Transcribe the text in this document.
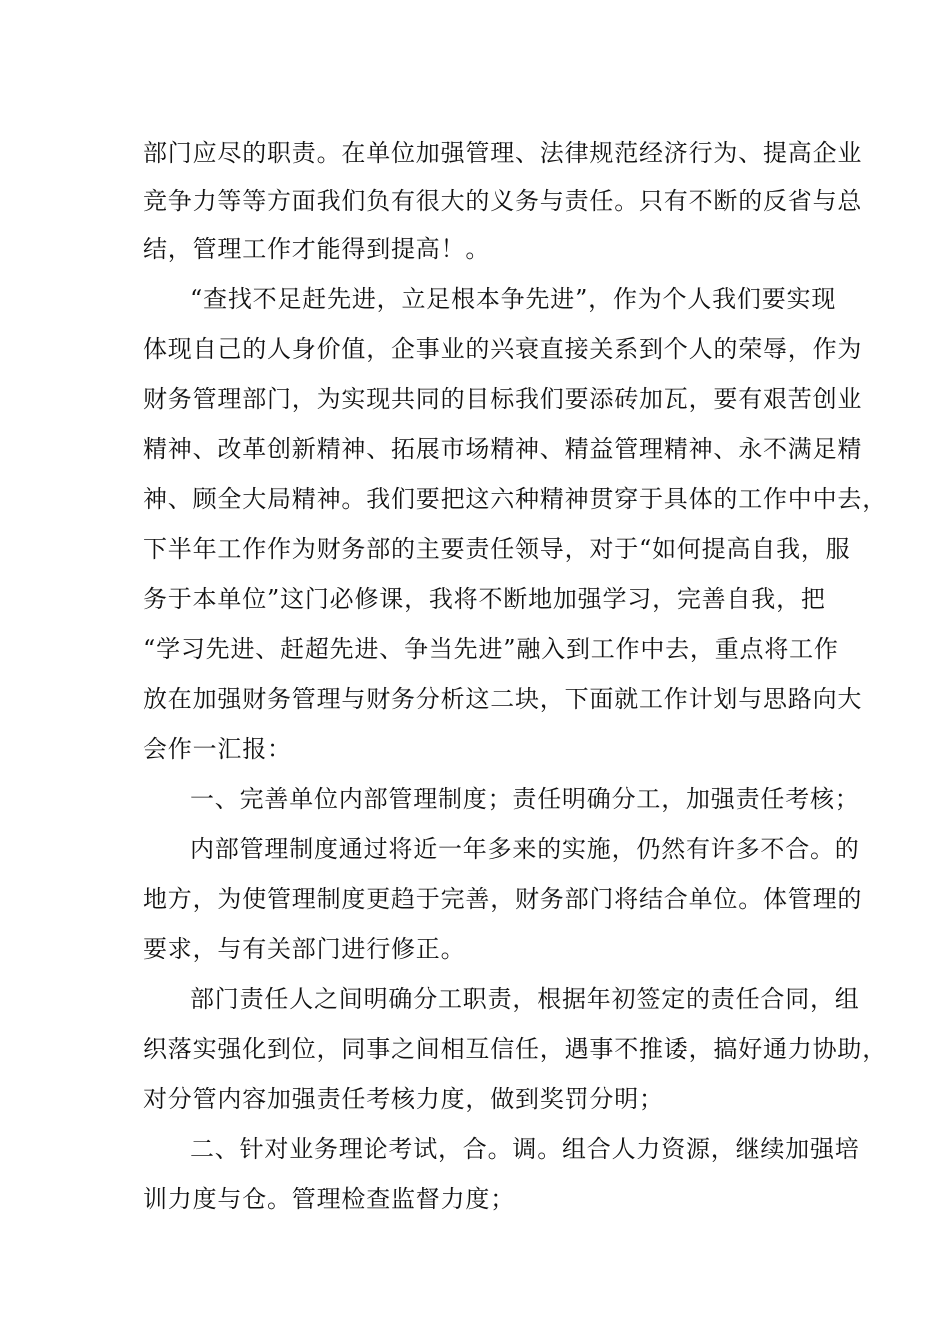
部门应尽的职责。在单位加强管理、法律规范经济行为、提高企业
竞争力等等方面我们负有很大的义务与责任。只有不断的反省与总
结，管理工作才能得到提高！。
“查找不足赶先进，立足根本争先进”，作为个人我们要实现
体现自己的人身价值，企事业的兴衰直接关系到个人的荣辱，作为
财务管理部门，为实现共同的目标我们要添砖加瓦，要有艰苦创业
精神、改革创新精神、拓展市场精神、精益管理精神、永不满足精
神、顾全大局精神。我们要把这六种精神贯穿于具体的工作中中去，
下半年工作作为财务部的主要责任领导，对于“如何提高自我，服
务于本单位”这门必修课，我将不断地加强学习，完善自我，把
“学习先进、赶超先进、争当先进”融入到工作中去，重点将工作
放在加强财务管理与财务分析这二块，下面就工作计划与思路向大
会作一汇报：
一、完善单位内部管理制度；责任明确分工，加强责任考核；
内部管理制度通过将近一年多来的实施，仍然有许多不合。的
地方，为使管理制度更趋于完善，财务部门将结合单位。体管理的
要求，与有关部门进行修正。
部门责任人之间明确分工职责，根据年初签定的责任合同，组
织落实强化到位，同事之间相互信任，遇事不推诿，搞好通力协助，
对分管内容加强责任考核力度，做到奖罚分明；
二、针对业务理论考试，合。调。组合人力资源，继续加强培
训力度与仓。管理检查监督力度；
